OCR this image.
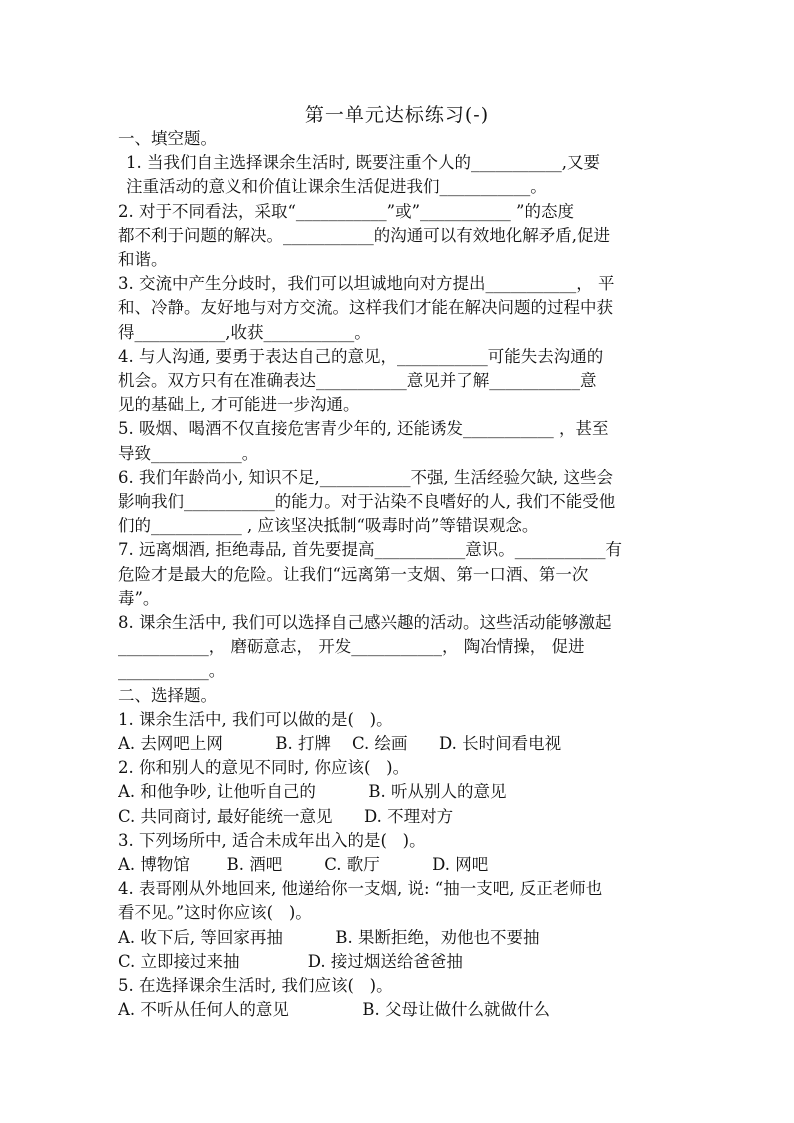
第一单元达标练习(-)
一、填空题。
1. 当我们自主选择课余生活时, 既要注重个人的___________,又要
注重活动的意义和价值让课余生活促进我们___________。
2. 对于不同看法，采取“___________”或”___________ ”的态度
都不利于问题的解决。___________的沟通可以有效地化解矛盾,促进
和谐。
3. 交流中产生分歧时，我们可以坦诚地向对方提出___________， 平
和、冷静。友好地与对方交流。这样我们才能在解决问题的过程中获
得___________,收获___________。
4. 与人沟通, 要勇于表达自己的意见，___________可能失去沟通的
机会。双方只有在准确表达___________意见并了解___________意
见的基础上, 才可能进一步沟通。
5. 吸烟、喝酒不仅直接危害青少年的, 还能诱发___________ ，甚至
导致___________。
6. 我们年龄尚小, 知识不足,___________不强, 生活经验欠缺, 这些会
影响我们___________的能力。对于沾染不良嗜好的人, 我们不能受他
们的___________ , 应该坚决抵制“吸毒时尚”等错误观念。
7. 远离烟酒, 拒绝毒品, 首先要提高___________意识。___________有
危险才是最大的危险。让我们“远离第一支烟、第一口酒、第一次
毒”。
8. 课余生活中, 我们可以选择自己感兴趣的活动。这些活动能够激起
___________， 磨砺意志， 开发___________， 陶冶情操， 促进
___________。
二、选择题。
1. 课余生活中, 我们可以做的是(   )。
A. 去网吧上网          B. 打牌    C. 绘画      D. 长时间看电视
2. 你和别人的意见不同时, 你应该(   )。
A. 和他争吵, 让他听自己的          B. 听从别人的意见
C. 共同商讨, 最好能统一意见      D. 不理对方
3. 下列场所中, 适合未成年出入的是(   )。
A. 博物馆       B. 酒吧        C. 歌厅          D. 网吧
4. 表哥刚从外地回来, 他递给你一支烟, 说: “抽一支吧, 反正老师也
看不见。”这时你应该(   )。
A. 收下后, 等回家再抽          B. 果断拒绝，劝他也不要抽
C. 立即接过来抽             D. 接过烟送给爸爸抽
5. 在选择课余生活时, 我们应该(   )。
A. 不听从任何人的意见              B. 父母让做什么就做什么
